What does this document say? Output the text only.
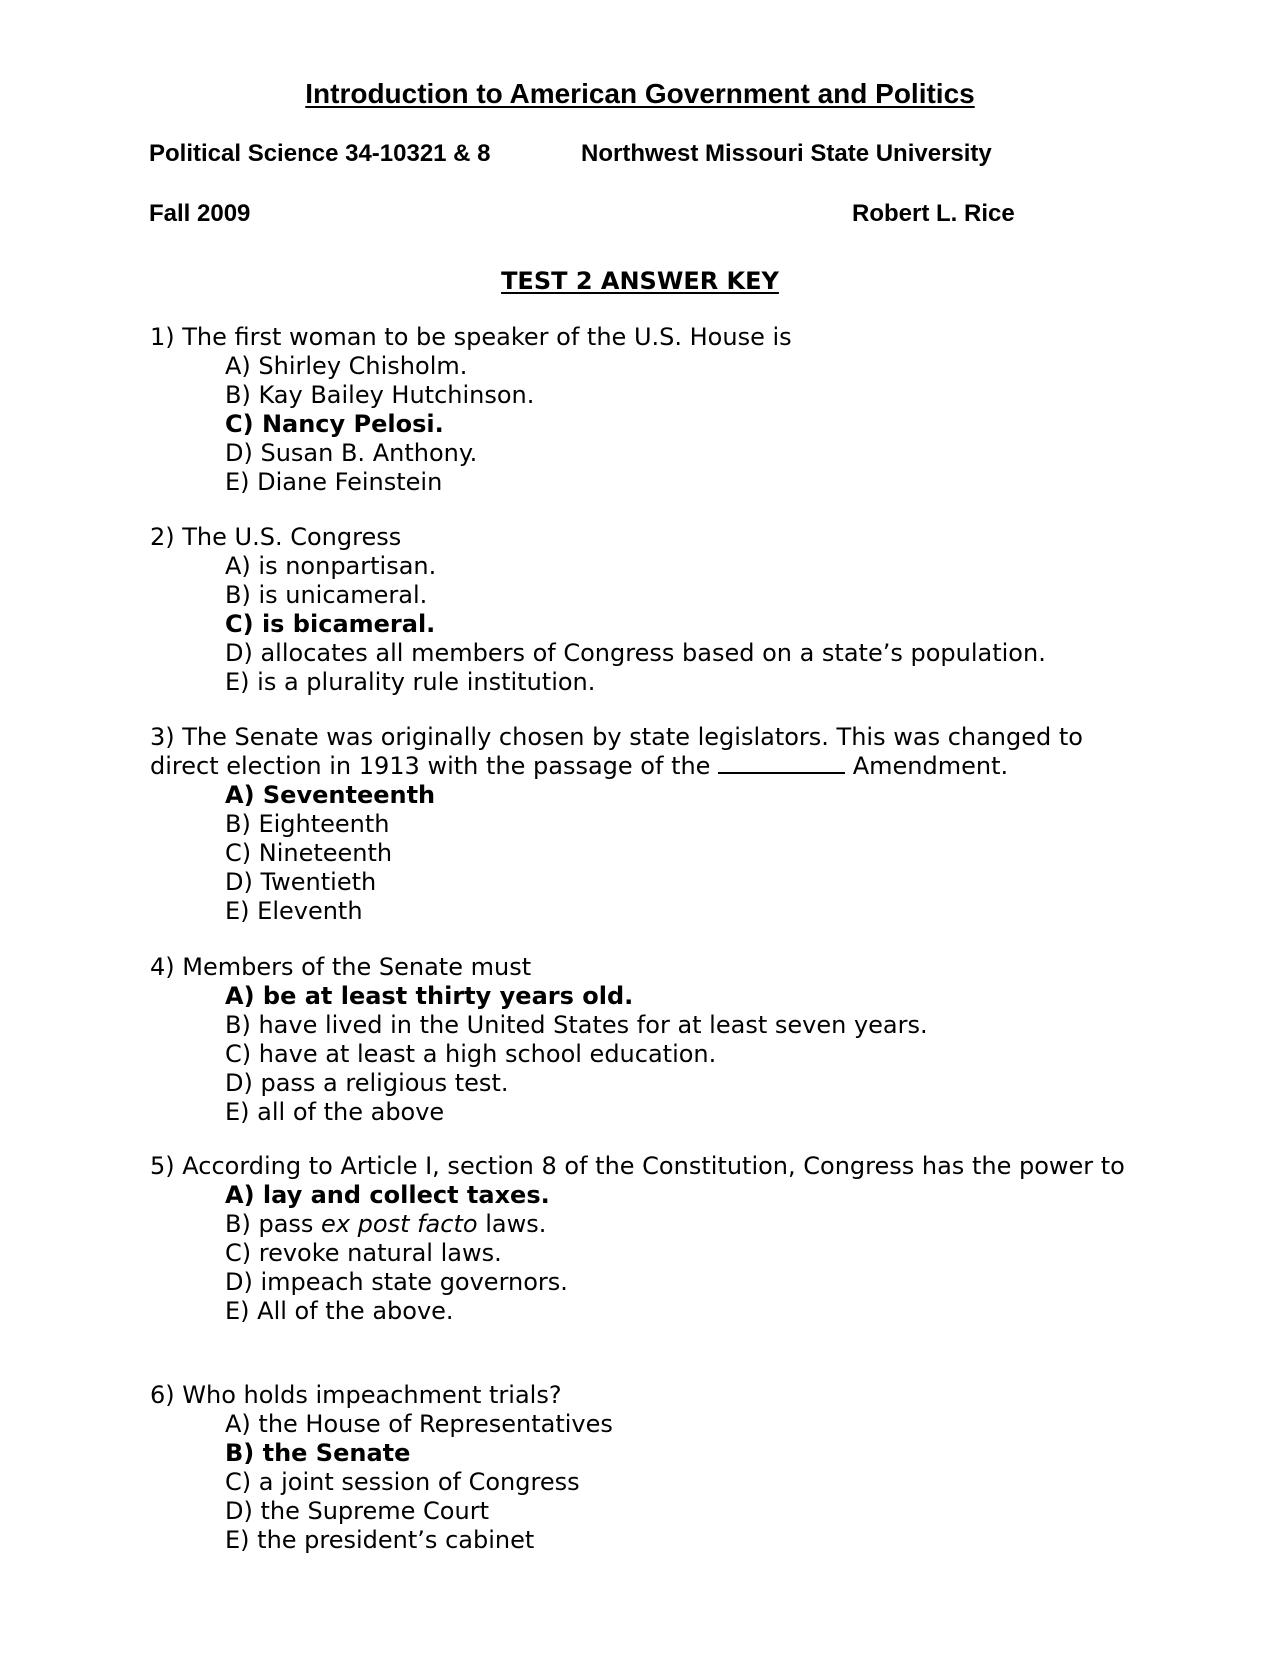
Introduction to American Government and Politics
Political Science 34-10321 & 8	Northwest Missouri State University
Fall 2009	Robert L. Rice
TEST 2 ANSWER KEY

1) The first woman to be speaker of the U.S. House is

A) Shirley Chisholm.
B) Kay Bailey Hutchinson.
C) Nancy Pelosi.
D) Susan B. Anthony.
E) Diane Feinstein

2) The U.S. Congress

A) is nonpartisan.
B) is unicameral.
C) is bicameral.
D) allocates all members of Congress based on a state’s population.
E) is a plurality rule institution.

3) The Senate was originally chosen by state legislators. This was changed to direct election in 1913 with the passage of the	Amendment.

A) Seventeenth
B) Eighteenth
C) Nineteenth
D) Twentieth
E) Eleventh

4) Members of the Senate must

A) be at least thirty years old.
B) have lived in the United States for at least seven years.
C) have at least a high school education.
D) pass a religious test.
E) all of the above

5) According to Article I, section 8 of the Constitution, Congress has the power to

A) lay and collect taxes.
B) pass ex post facto laws.
C) revoke natural laws.
D) impeach state governors.
E) All of the above.

6) Who holds impeachment trials?

A) the House of Representatives
B) the Senate
C) a joint session of Congress
D) the Supreme Court
E) the president’s cabinet
